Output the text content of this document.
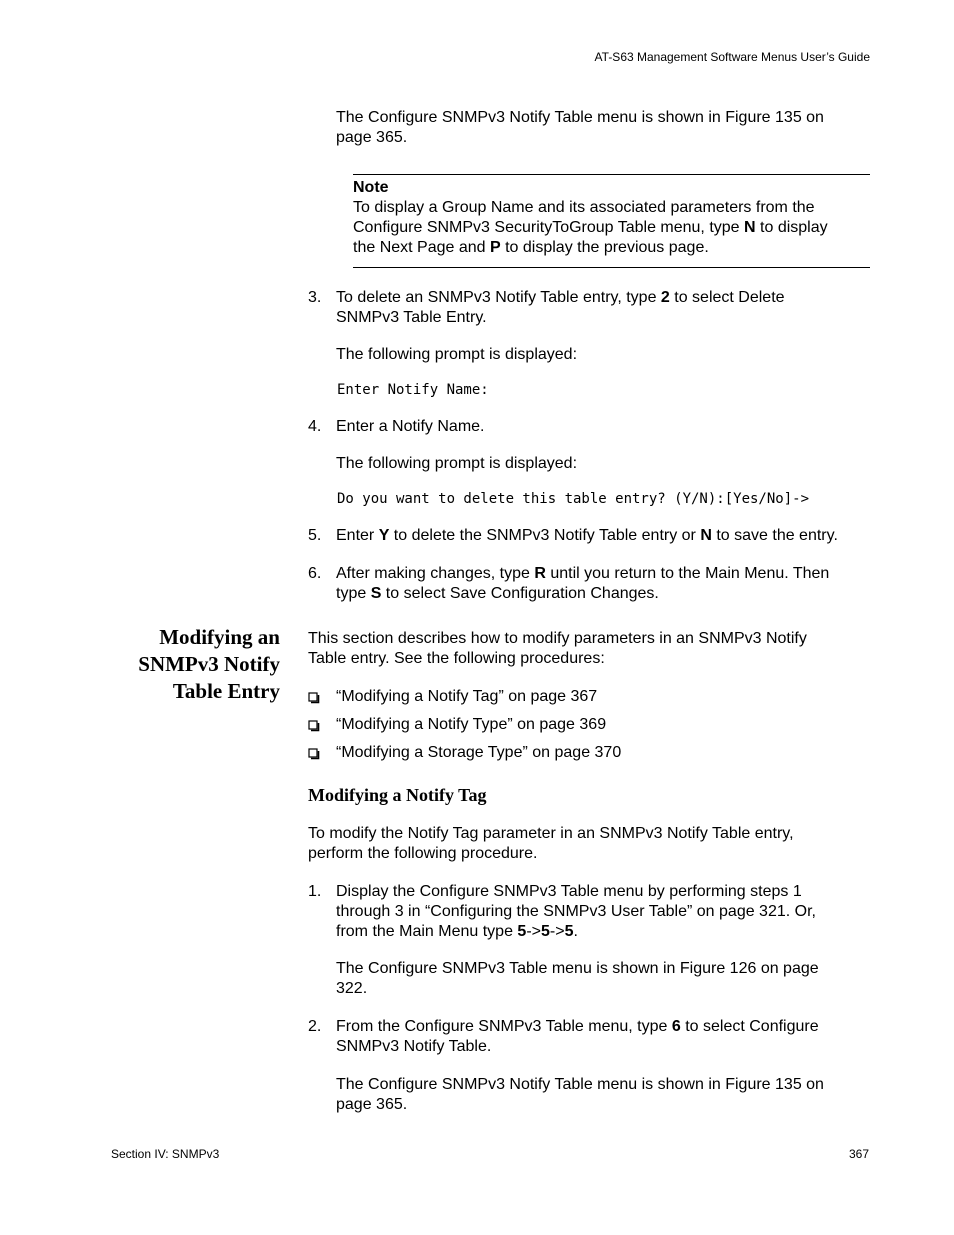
AT-S63 Management Software Menus User’s Guide
The Configure SNMPv3 Notify Table menu is shown in Figure 135 on
page 365.
Note
To display a Group Name and its associated parameters from the
Configure SNMPv3 SecurityToGroup Table menu, type N to display
the Next Page and P to display the previous page.
3. To delete an SNMPv3 Notify Table entry, type 2 to select Delete
SNMPv3 Table Entry.
The following prompt is displayed:
Enter Notify Name:
4. Enter a Notify Name.
The following prompt is displayed:
Do you want to delete this table entry? (Y/N):[Yes/No]->
5. Enter Y to delete the SNMPv3 Notify Table entry or N to save the entry.
6. After making changes, type R until you return to the Main Menu. Then
type S to select Save Configuration Changes.
Modifying an
SNMPv3 Notify
Table Entry
This section describes how to modify parameters in an SNMPv3 Notify
Table entry. See the following procedures:
“Modifying a Notify Tag” on page 367
“Modifying a Notify Type” on page 369
“Modifying a Storage Type” on page 370
Modifying a Notify Tag
To modify the Notify Tag parameter in an SNMPv3 Notify Table entry,
perform the following procedure.
1. Display the Configure SNMPv3 Table menu by performing steps 1
through 3 in “Configuring the SNMPv3 User Table” on page 321. Or,
from the Main Menu type 5->5->5.
The Configure SNMPv3 Table menu is shown in Figure 126 on page
322.
2. From the Configure SNMPv3 Table menu, type 6 to select Configure
SNMPv3 Notify Table.
The Configure SNMPv3 Notify Table menu is shown in Figure 135 on
page 365.
Section IV: SNMPv3	367
